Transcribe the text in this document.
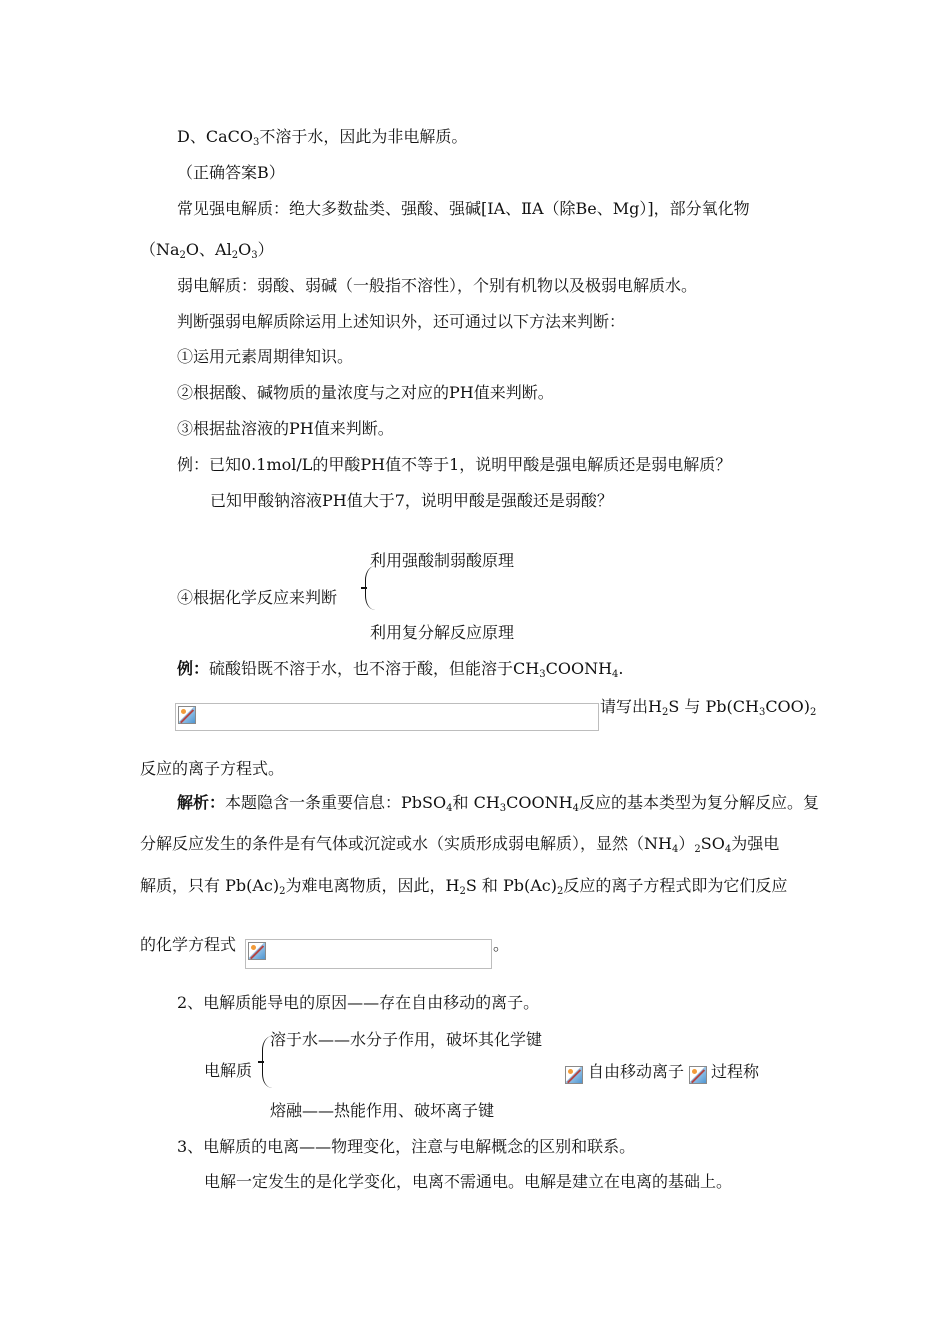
D、CaCO$_3$不溶于水，因此为非电解质。
（正确答案B）
常见强电解质：绝大多数盐类、强酸、强碱[ⅠA、ⅡA（除Be、Mg）]，部分氧化物
（$Na_2O$、$Al_2O_3$）
弱电解质：弱酸、弱碱（一般指不溶性），个别有机物以及极弱电解质水。
判断强弱电解质除运用上述知识外，还可通过以下方法来判断：
①运用元素周期律知识。
②根据酸、碱物质的量浓度与之对应的PH值来判断。
③根据盐溶液的PH值来判断。
例：已知0.1mol/L的甲酸PH值不等于1，说明甲酸是强电解质还是弱电解质？
已知甲酸钠溶液PH值大于7，说明甲酸是强酸还是弱酸？
利用强酸制弱酸原理
④根据化学反应来判断
利用复分解反应原理
例：硫酸铅既不溶于水，也不溶于酸，但能溶于$CH_3COONH_4$.
请写出$H_2S$ 与 $Pb(CH_3COO)_2$
反应的离子方程式。
解析：本题隐含一条重要信息：PbSO$_4$和 $CH_3COONH_4$反应的基本类型为复分解反应。复
分解反应发生的条件是有气体或沉淀或水（实质形成弱电解质），显然$(NH_4)_2SO_4$为强电
解质，只有 $Pb(Ac)_2$为难电离物质，因此，$H_2S$ 和 $Pb(Ac)_2$反应的离子方程式即为它们反应
的化学方程式	。
2、电解质能导电的原因——存在自由移动的离子。
溶于水——水分子作用，破坏其化学键
电解质	自由移动离子 过程称
熔融——热能作用、破坏离子键
3、电解质的电离——物理变化，注意与电解概念的区别和联系。
电解一定发生的是化学变化，电离不需通电。电解是建立在电离的基础上。
